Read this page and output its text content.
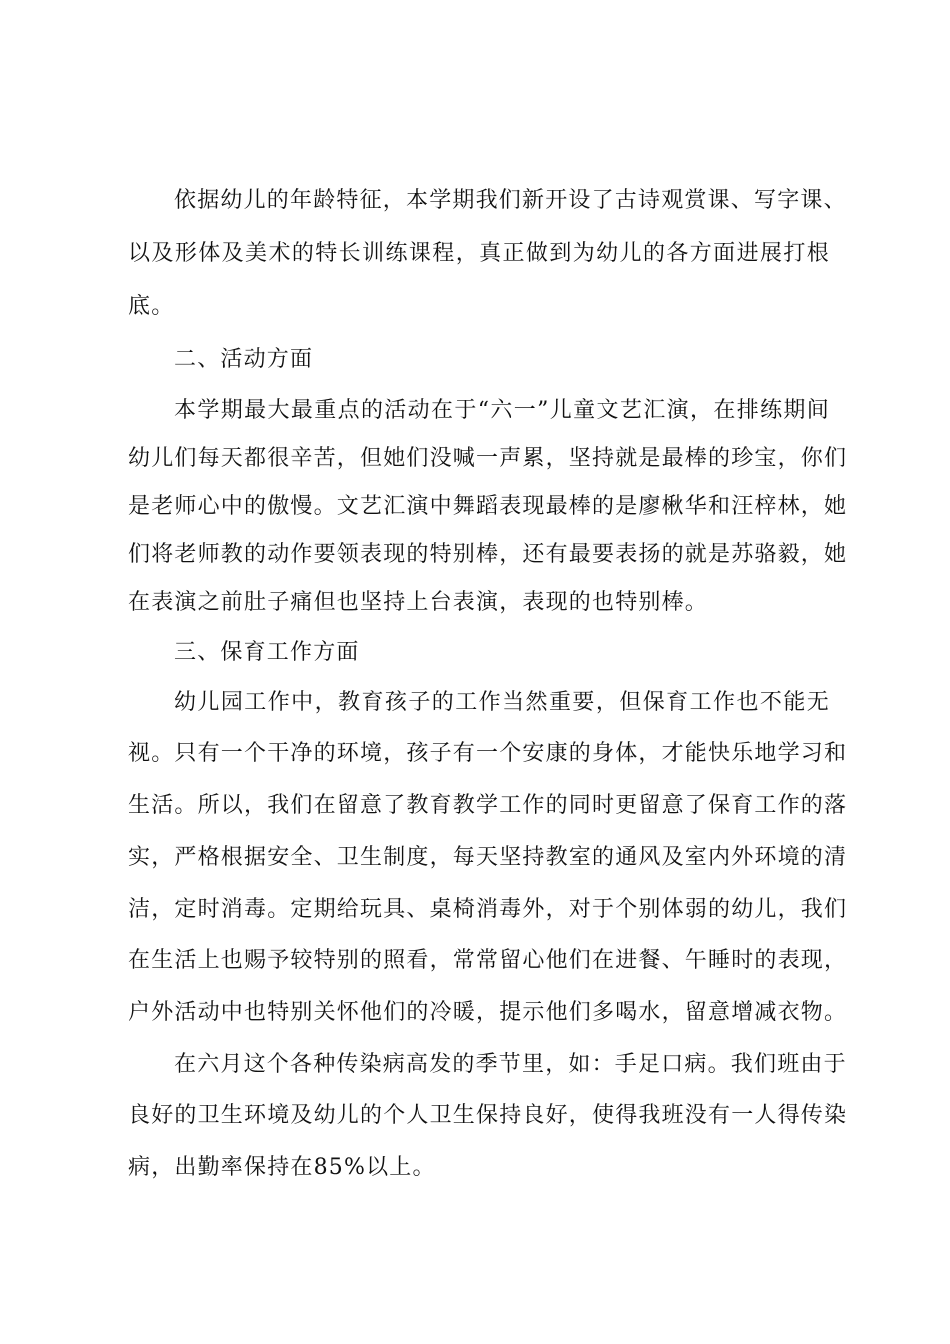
依据幼儿的年龄特征，本学期我们新开设了古诗观赏课、写字课、
以及形体及美术的特长训练课程，真正做到为幼儿的各方面进展打根
底。
二、活动方面
本学期最大最重点的活动在于“六一”儿童文艺汇演，在排练期间
幼儿们每天都很辛苦，但她们没喊一声累，坚持就是最棒的珍宝，你们
是老师心中的傲慢。文艺汇演中舞蹈表现最棒的是廖楸华和汪梓林，她
们将老师教的动作要领表现的特别棒，还有最要表扬的就是苏骆毅，她
在表演之前肚子痛但也坚持上台表演，表现的也特别棒。
三、保育工作方面
幼儿园工作中，教育孩子的工作当然重要，但保育工作也不能无
视。只有一个干净的环境，孩子有一个安康的身体，才能快乐地学习和
生活。所以，我们在留意了教育教学工作的同时更留意了保育工作的落
实，严格根据安全、卫生制度，每天坚持教室的通风及室内外环境的清
洁，定时消毒。定期给玩具、桌椅消毒外，对于个别体弱的幼儿，我们
在生活上也赐予较特别的照看，常常留心他们在进餐、午睡时的表现，
户外活动中也特别关怀他们的冷暖，提示他们多喝水，留意增减衣物。
在六月这个各种传染病高发的季节里，如：手足口病。我们班由于
良好的卫生环境及幼儿的个人卫生保持良好，使得我班没有一人得传染
病，出勤率保持在85%以上。
